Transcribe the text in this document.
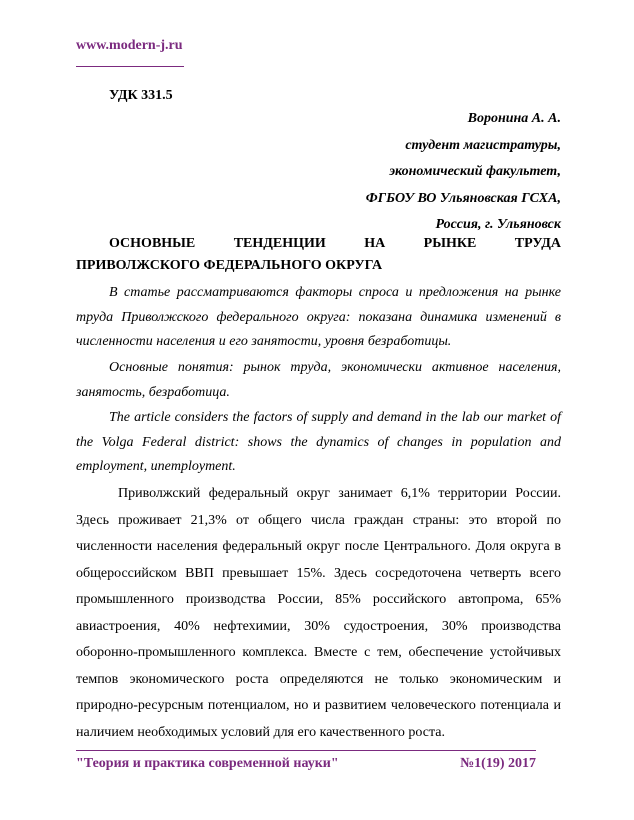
www.modern-j.ru
УДК 331.5
Воронина А. А.
студент магистратуры,
экономический факультет,
ФГБОУ ВО Ульяновская ГСХА,
Россия, г. Ульяновск
ОСНОВНЫЕ	ТЕНДЕНЦИИ	НА	РЫНКЕ	ТРУДА
ПРИВОЛЖСКОГО ФЕДЕРАЛЬНОГО ОКРУГА
В статье рассматриваются факторы спроса и предложения на рынке труда Приволжского федерального округа: показана динамика изменений в численности населения и его занятости, уровня безработицы.
Основные понятия: рынок труда, экономически активное населения, занятость, безработица.
The article considers the factors of supply and demand in the lab our market of the Volga Federal district: shows the dynamics of changes in population and employment, unemployment.
Приволжский федеральный округ занимает 6,1% территории России. Здесь проживает 21,3% от общего числа граждан страны: это второй по численности населения федеральный округ после Центрального. Доля округа в общероссийском ВВП превышает 15%. Здесь сосредоточена четверть всего промышленного производства России, 85% российского автопрома, 65% авиастроения, 40% нефтехимии, 30% судостроения, 30% производства оборонно-промышленного комплекса. Вместе с тем, обеспечение устойчивых темпов экономического роста определяются не только экономическим и природно-ресурсным потенциалом, но и развитием человеческого потенциала и наличием необходимых условий для его качественного роста.
"Теория и практика современной науки"	№1(19) 2017
